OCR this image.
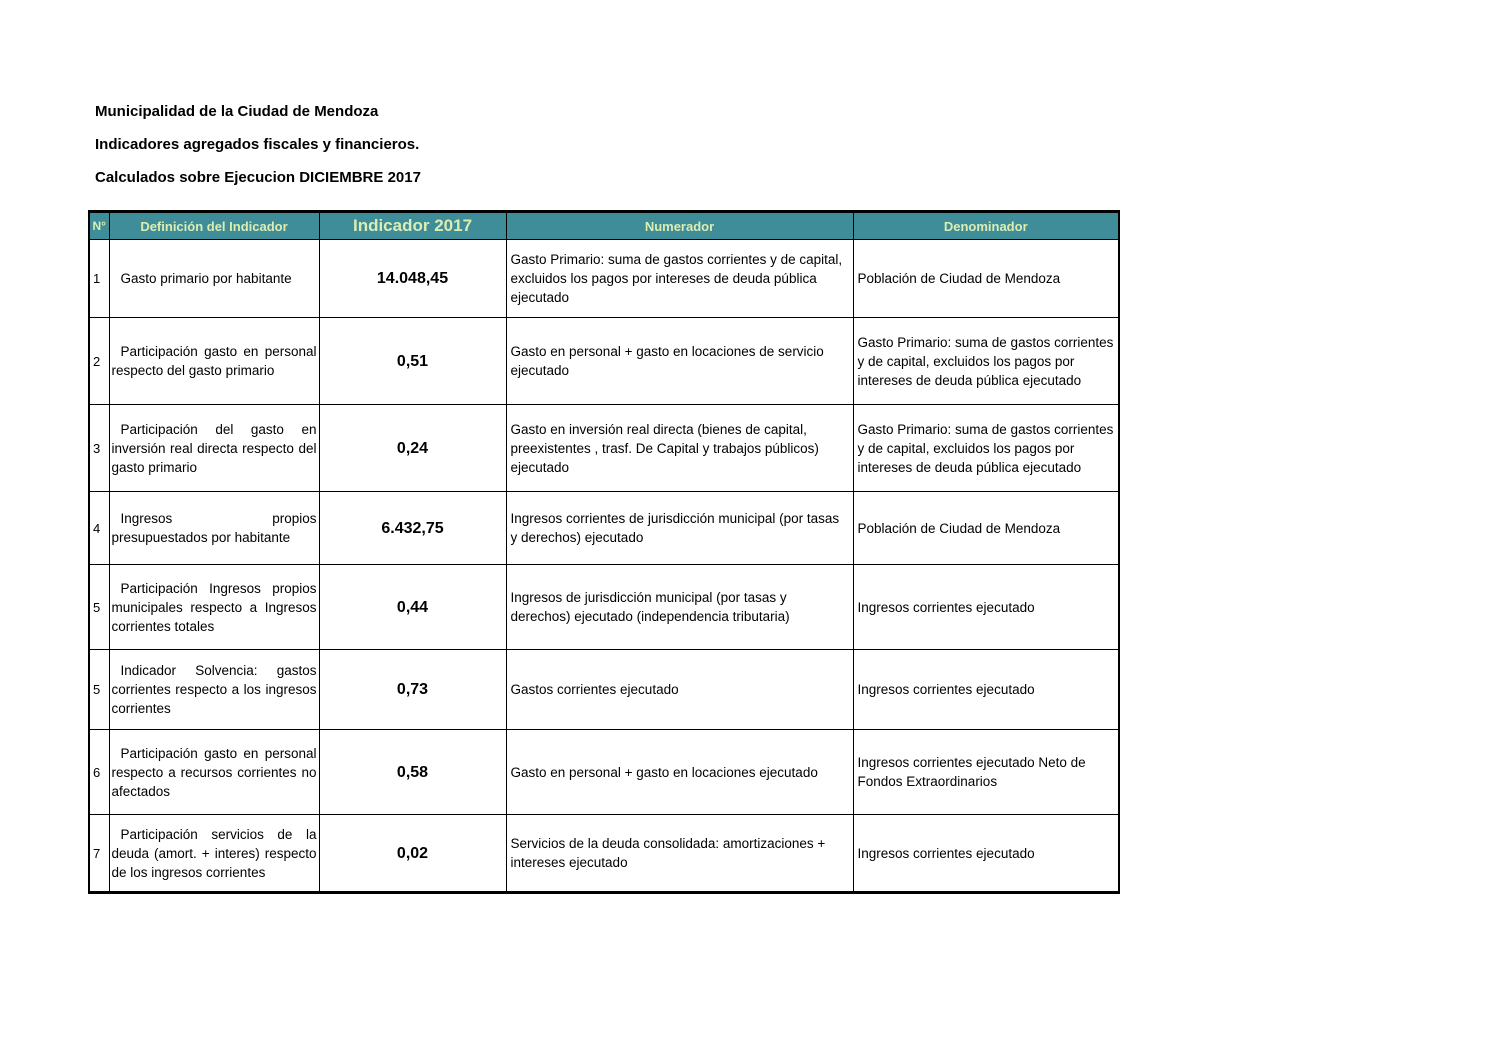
Municipalidad de la Ciudad de Mendoza
Indicadores agregados fiscales y financieros.
Calculados sobre Ejecucion DICIEMBRE 2017
N°	Definición del Indicador	Indicador 2017	Numerador	Denominador
1	Gasto primario por habitante	14.048,45	Gasto Primario: suma de gastos corrientes y de capital, excluidos los pagos por intereses de deuda pública ejecutado	Población de Ciudad de Mendoza
2	Participación gasto en personal respecto del gasto primario	0,51	Gasto en personal + gasto en locaciones de servicio ejecutado	Gasto Primario: suma de gastos corrientes y de capital, excluidos los pagos por intereses de deuda pública ejecutado
3	Participación del gasto en inversión real directa respecto del gasto primario	0,24	Gasto en inversión real directa (bienes de capital, preexistentes , trasf. De Capital y trabajos públicos) ejecutado	Gasto Primario: suma de gastos corrientes y de capital, excluidos los pagos por intereses de deuda pública ejecutado
4	Ingresos propios presupuestados por habitante	6.432,75	Ingresos corrientes de jurisdicción municipal (por tasas y derechos) ejecutado	Población de Ciudad de Mendoza
5	Participación Ingresos propios municipales respecto a Ingresos corrientes totales	0,44	Ingresos de jurisdicción municipal (por tasas y derechos) ejecutado (independencia tributaria)	Ingresos corrientes ejecutado
5	Indicador Solvencia: gastos corrientes respecto a los ingresos corrientes	0,73	Gastos corrientes ejecutado	Ingresos corrientes ejecutado
6	Participación gasto en personal respecto a recursos corrientes no afectados	0,58	Gasto en personal + gasto en locaciones ejecutado	Ingresos corrientes ejecutado Neto de Fondos Extraordinarios
7	Participación servicios de la deuda (amort. + interes) respecto de los ingresos corrientes	0,02	Servicios de la deuda consolidada: amortizaciones + intereses ejecutado	Ingresos corrientes ejecutado
